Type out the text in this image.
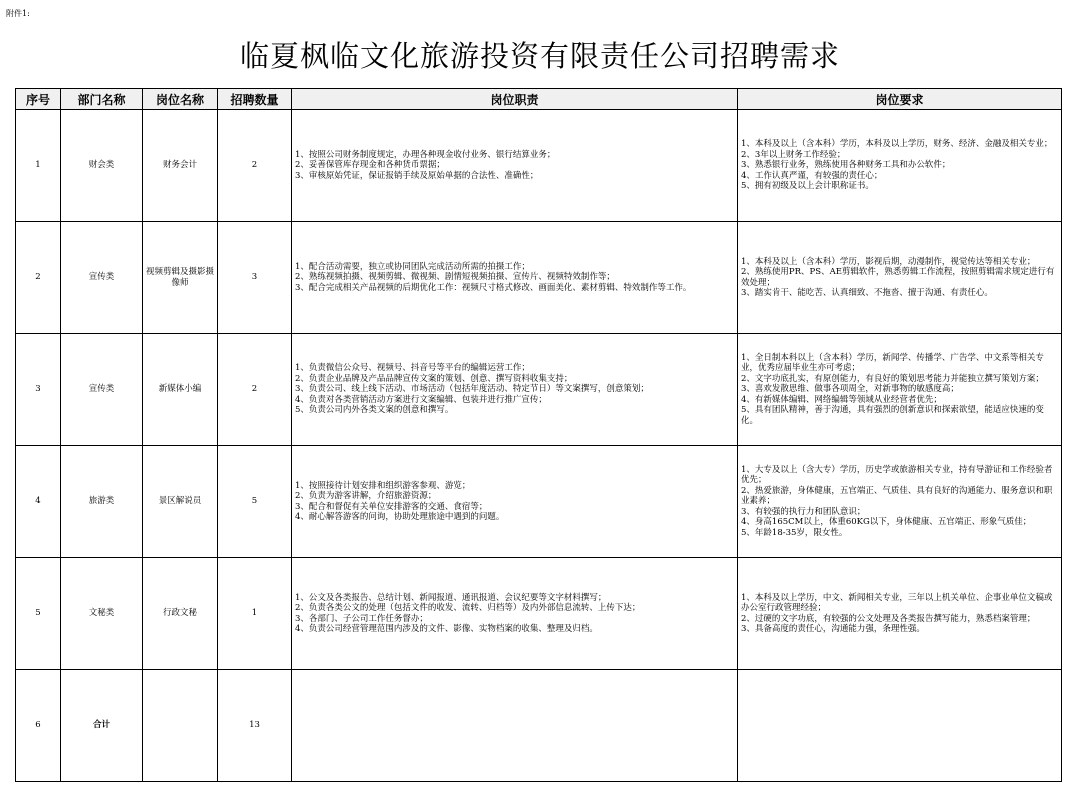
附件1:
临夏枫临文化旅游投资有限责任公司招聘需求
序号	部门名称	岗位名称	招聘数量	岗位职责	岗位要求
1	财会类	财务会计	2	1、按照公司财务制度规定，办理各种现金收付业务、银行结算业务；
2、妥善保管库存现金和各种货币票据；
3、审核原始凭证，保证报销手续及原始单据的合法性、准确性；	1、本科及以上（含本科）学历，本科及以上学历，财务、经济、金融及相关专业；
2、3年以上财务工作经验；
3、熟悉银行业务，熟练使用各种财务工具和办公软件；
4、工作认真严谨，有较强的责任心；
5、拥有初级及以上会计职称证书。
2	宣传类	视频剪辑及摄影摄像师	3	1、配合活动需要，独立或协同团队完成活动所需的拍摄工作；
2、熟练视频拍摄、视频剪辑、微视频、剧情短视频拍摄、宣传片、视频特效制作等；
3、配合完成相关产品视频的后期优化工作：视频尺寸格式修改、画面美化、素材剪辑、特效制作等工作。	1、本科及以上（含本科）学历，影视后期，动漫制作，视觉传达等相关专业；
2、熟练使用PR、PS、AE剪辑软件，熟悉剪辑工作流程，按照剪辑需求规定进行有效处理；
3、踏实肯干、能吃苦、认真细致、不拖沓、擅于沟通、有责任心。
3	宣传类	新媒体小编	2	1、负责微信公众号、视频号、抖音号等平台的编辑运营工作；
2、负责企业品牌及产品品牌宣传文案的策划、创意、撰写资料收集支持；
3、负责公司、线上线下活动、市场活动（包括年度活动、特定节日）等文案撰写，创意策划；
4、负责对各类营销活动方案进行文案编辑、包装并进行推广宣传；
5、负责公司内外各类文案的创意和撰写。	1、全日制本科以上（含本科）学历，新闻学、传播学、广告学、中文系等相关专业，优秀应届毕业生亦可考虑；
2、文字功底扎实，有原创能力，有良好的策划思考能力并能独立撰写策划方案；
3、喜欢发散思维、做事各项周全，对新事物的敏感度高；
4、有新媒体编辑、网络编辑等领域从业经营者优先；
5、具有团队精神，善于沟通，具有强烈的创新意识和探索欲望，能适应快速的变化。
4	旅游类	景区解说员	5	1、按照接待计划安排和组织游客参观、游览；
2、负责为游客讲解，介绍旅游资源；
3、配合和督促有关单位安排游客的交通、食宿等；
4、耐心解答游客的问询，协助处理旅途中遇到的问题。	1、大专及以上（含大专）学历，历史学或旅游相关专业，持有导游证和工作经验者优先；
2、热爱旅游，身体健康，五官端正、气质佳、具有良好的沟通能力、服务意识和职业素养；
3、有较强的执行力和团队意识；
4、身高165CM以上，体重60KG以下，身体健康、五官端正、形象气质佳；
5、年龄18-35岁，限女性。
5	文秘类	行政文秘	1	1、公文及各类报告、总结计划、新闻报道、通讯报道、会议纪要等文字材料撰写；
2、负责各类公文的处理（包括文件的收发、流转、归档等）及内外部信息流转、上传下达；
3、各部门、子公司工作任务督办；
4、负责公司经营管理范围内涉及的文件、影像、实物档案的收集、整理及归档。	1、本科及以上学历，中文、新闻相关专业，三年以上机关单位、企事业单位文稿或办公室行政管理经验；
2、过硬的文字功底，有较强的公文处理及各类报告撰写能力，熟悉档案管理；
3、具备高度的责任心，沟通能力强，条理性强。
6	合计		13		
